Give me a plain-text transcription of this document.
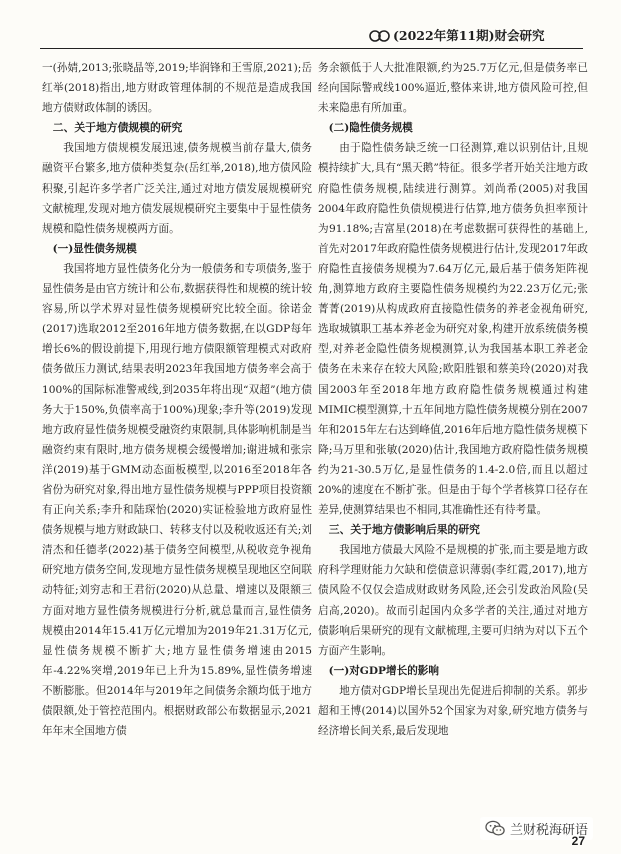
(2022年第11期)财会研究

一(孙婧,2013;张晓晶等,2019;毕润锋和王雪原,2021);岳红举(2018)指出,地方财政管理体制的不规范是造成我国地方债财政体制的诱因。

二、关于地方债规模的研究

我国地方债规模发展迅速,债务规模当前存量大,债务融资平台繁多,地方债种类复杂(岳红举,2018),地方债风险积聚,引起许多学者广泛关注,通过对地方债发展规模研究文献梳理,发现对地方债发展规模研究主要集中于显性债务规模和隐性债务规模两方面。

(一)显性债务规模

我国将地方显性债务化分为一般债务和专项债务,鉴于显性债务是由官方统计和公布,数据获得性和规模的统计较容易,所以学术界对显性债务规模研究比较全面。徐诺金(2017)选取2012至2016年地方债务数据,在以GDP每年增长6%的假设前提下,用现行地方债限额管理模式对政府债务做压力测试,结果表明2023年我国地方债务率会高于100%的国际标准警戒线,到2035年将出现“双超”(地方债务大于150%,负债率高于100%)现象;李升等(2019)发现地方政府显性债务规模受融资约束限制,具体影响机制是当融资约束有限时,地方债务规模会缓慢增加;谢进城和张宗洋(2019)基于GMM动态面板模型,以2016至2018年各省份为研究对象,得出地方显性债务规模与PPP项目投资额有正向关系;李升和陆琛怡(2020)实证检验地方政府显性债务规模与地方财政缺口、转移支付以及税收返还有关;刘清杰和任德孝(2022)基于债务空间模型,从税收竞争视角研究地方债务空间,发现地方显性债务规模呈现地区空间联动特征;刘穷志和王君衍(2020)从总量、增速以及限额三方面对地方显性债务规模进行分析,就总量而言,显性债务规模由2014年15.41万亿元增加为2019年21.31万亿元,显性债务规模不断扩大;地方显性债务增速由2015年-4.22%突增,2019年已上升为15.89%,显性债务增速不断膨胀。但2014年与2019年之间债务余额均低于地方债限额,处于管控范围内。根据财政部公布数据显示,2021年年末全国地方债

务余额低于人大批准限额,约为25.7万亿元,但是债务率已经向国际警戒线100%逼近,整体来讲,地方债风险可控,但未来隐患有所加重。

(二)隐性债务规模

由于隐性债务缺乏统一口径测算,难以识别估计,且规模持续扩大,具有“黑天鹅”特征。很多学者开始关注地方政府隐性债务规模,陆续进行测算。刘尚希(2005)对我国2004年政府隐性负债规模进行估算,地方债务负担率预计为91.18%;吉富星(2018)在考虑数据可获得性的基础上,首先对2017年政府隐性债务规模进行估计,发现2017年政府隐性直接债务规模为7.64万亿元,最后基于债务矩阵视角,测算地方政府主要隐性债务规模约为22.23万亿元;张菁菁(2019)从构成政府直接隐性债务的养老金视角研究,选取城镇职工基本养老金为研究对象,构建开放系统债务模型,对养老金隐性债务规模测算,认为我国基本职工养老金债务在未来存在较大风险;欧阳胜银和蔡美玲(2020)对我国2003年至2018年地方政府隐性债务规模通过构建MIMIC模型测算,十五年间地方隐性债务规模分别在2007年和2015年左右达到峰值,2016年后地方隐性债务规模下降;马万里和张敏(2020)估计,我国地方政府隐性债务规模约为21-30.5万亿,是显性债务的1.4-2.0倍,而且以超过20%的速度在不断扩张。但是由于每个学者核算口径存在差异,使测算结果也不相同,其准确性还有待考量。

三、关于地方债影响后果的研究

我国地方债最大风险不是规模的扩张,而主要是地方政府科学理财能力欠缺和偿债意识薄弱(李红霞,2017),地方债风险不仅仅会造成财政财务风险,还会引发政治风险(吴启高,2020)。故而引起国内众多学者的关注,通过对地方债影响后果研究的现有文献梳理,主要可归纳为对以下五个方面产生影响。

(一)对GDP增长的影响

地方债对GDP增长呈现出先促进后抑制的关系。郭步超和王博(2014)以国外52个国家为对象,研究地方债务与经济增长间关系,最后发现地

兰财税海研语
27
